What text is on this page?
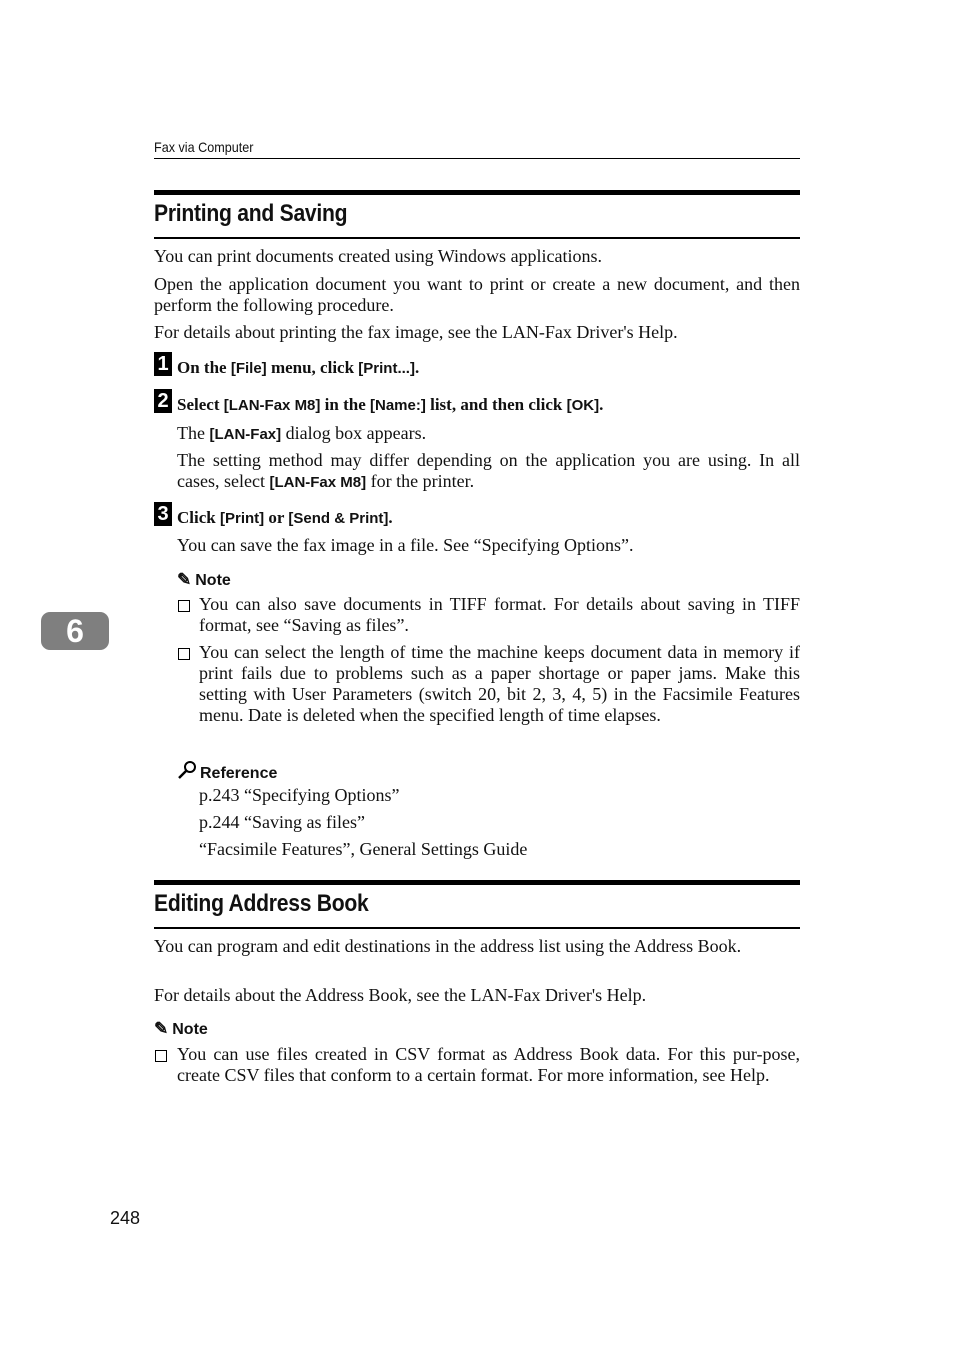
Fax via Computer
Printing and Saving

You can print documents created using Windows applications.

Open the application document you want to print or create a new document, and then perform the following procedure.

For details about printing the fax image, see the LAN-Fax Driver's Help.

1 On the [File] menu, click [Print...].
2 Select [LAN-Fax M8] in the [Name:] list, and then click [OK].

The [LAN-Fax] dialog box appears.

The setting method may differ depending on the application you are using. In all cases, select [LAN-Fax M8] for the printer.

3 Click [Print] or [Send & Print].

You can save the fax image in a file. See “Specifying Options”.

✎ Note

You can also save documents in TIFF format. For details about saving in TIFF format, see “Saving as files”.

You can select the length of time the machine keeps document data in memory if print fails due to problems such as a paper shortage or paper jams. Make this setting with User Parameters (switch 20, bit 2, 3, 4, 5) in the Facsimile Features menu. Date is deleted when the specified length of time elapses.

Reference

p.243 “Specifying Options”

p.244 “Saving as files”

“Facsimile Features”, General Settings Guide

Editing Address Book

You can program and edit destinations in the address list using the Address Book.

For details about the Address Book, see the LAN-Fax Driver's Help.

✎ Note

You can use files created in CSV format as Address Book data. For this pur-pose, create CSV files that conform to a certain format. For more information, see Help.

6
248
